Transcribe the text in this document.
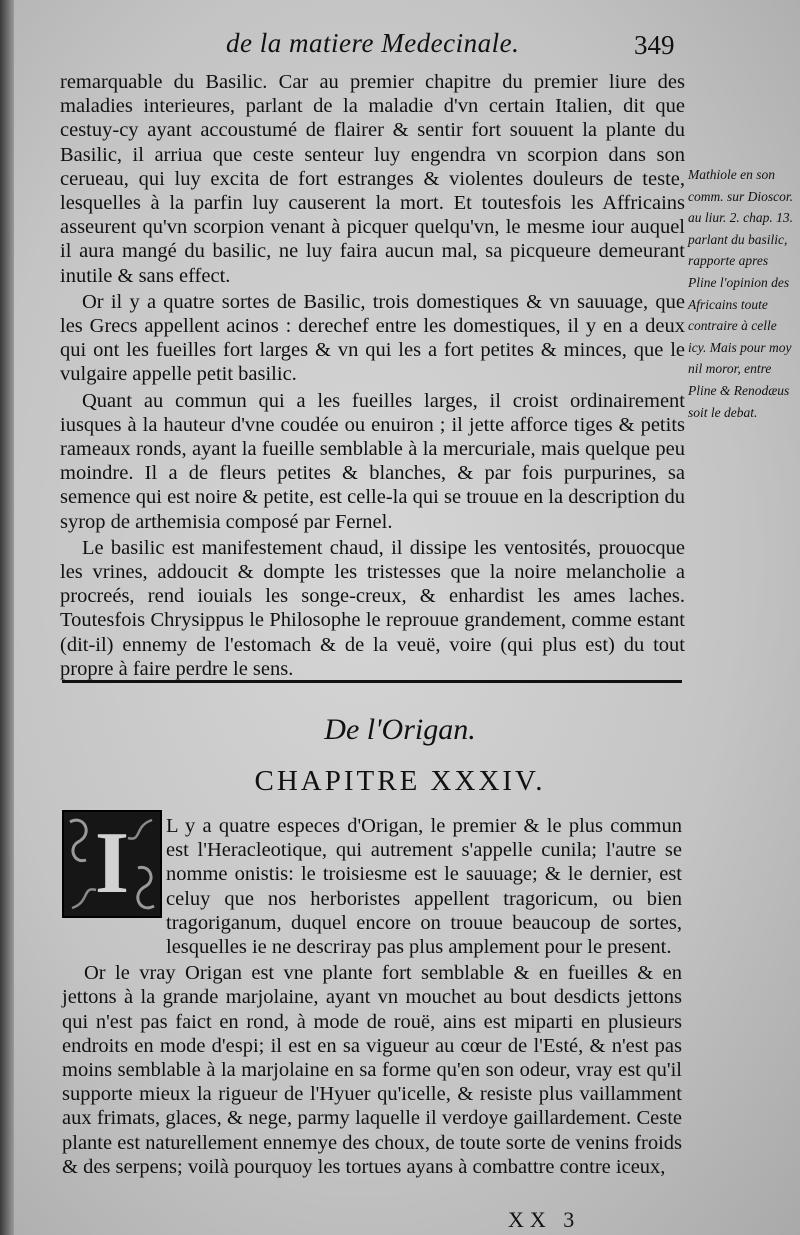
de la matiere Medecinale.	349

remarquable du Basilic. Car au premier chapitre du premier liure des maladies interieures, parlant de la maladie d'vn certain Italien, dit que cestuy-cy ayant accoustumé de flairer & sentir fort souuent la plante du Basilic, il arriua que ceste senteur luy engendra vn scorpion dans son cerueau, qui luy excita de fort estranges & violentes douleurs de teste, lesquelles à la parfin luy causerent la mort. Et toutesfois les Affricains asseurent qu'vn scorpion venant à picquer quelqu'vn, le mesme iour auquel il aura mangé du basilic, ne luy faira aucun mal, sa picqueure demeurant inutile & sans effect.

Or il y a quatre sortes de Basilic, trois domestiques & vn sauuage, que les Grecs appellent acinos : derechef entre les domestiques, il y en a deux qui ont les fueilles fort larges & vn qui les a fort petites & minces, que le vulgaire appelle petit basilic.

Quant au commun qui a les fueilles larges, il croist ordinairement iusques à la hauteur d'vne coudée ou enuiron ; il jette afforce tiges & petits rameaux ronds, ayant la fueille semblable à la mercuriale, mais quelque peu moindre. Il a de fleurs petites & blanches, & par fois purpurines, sa semence qui est noire & petite, est celle-la qui se trouue en la description du syrop de arthemisia composé par Fernel.

Le basilic est manifestement chaud, il dissipe les ventosités, prouocque les vrines, addoucit & dompte les tristesses que la noire melancholie a procreés, rend iouials les songe-creux, & enhardist les ames laches. Toutesfois Chrysippus le Philosophe le reprouue grandement, comme estant (dit-il) ennemy de l'estomach & de la veuë, voire (qui plus est) du tout propre à faire perdre le sens.

Mathiole en son comm. sur Dioscor. au liur. 2. chap. 13. parlant du basilic, rapporte apres Pline l'opinion des Africains toute contraire à celle icy. Mais pour moy nil moror, entre Pline & Renodæus soit le debat.
De l'Origan.
CHAPITRE XXXIV.
I	L y a quatre especes d'Origan, le premier & le plus commun est l'Heracleotique, qui autrement s'appelle cunila; l'autre se nomme onistis: le troisiesme est le sauuage; & le dernier, est celuy que nos herboristes appellent tragoricum, ou bien tragoriganum, duquel encore on trouue beaucoup de sortes, lesquelles ie ne descriray pas plus amplement pour le present.

Or le vray Origan est vne plante fort semblable & en fueilles & en jettons à la grande marjolaine, ayant vn mouchet au bout desdicts jettons qui n'est pas faict en rond, à mode de rouë, ains est miparti en plusieurs endroits en mode d'espi; il est en sa vigueur au cœur de l'Esté, & n'est pas moins semblable à la marjolaine en sa forme qu'en son odeur, vray est qu'il supporte mieux la rigueur de l'Hyuer qu'icelle, & resiste plus vaillamment aux frimats, glaces, & nege, parmy laquelle il verdoye gaillardement. Ceste plante est naturellement ennemye des choux, de toute sorte de venins froids & des serpens; voilà pourquoy les tortues ayans à combattre contre iceux,

XX 3
